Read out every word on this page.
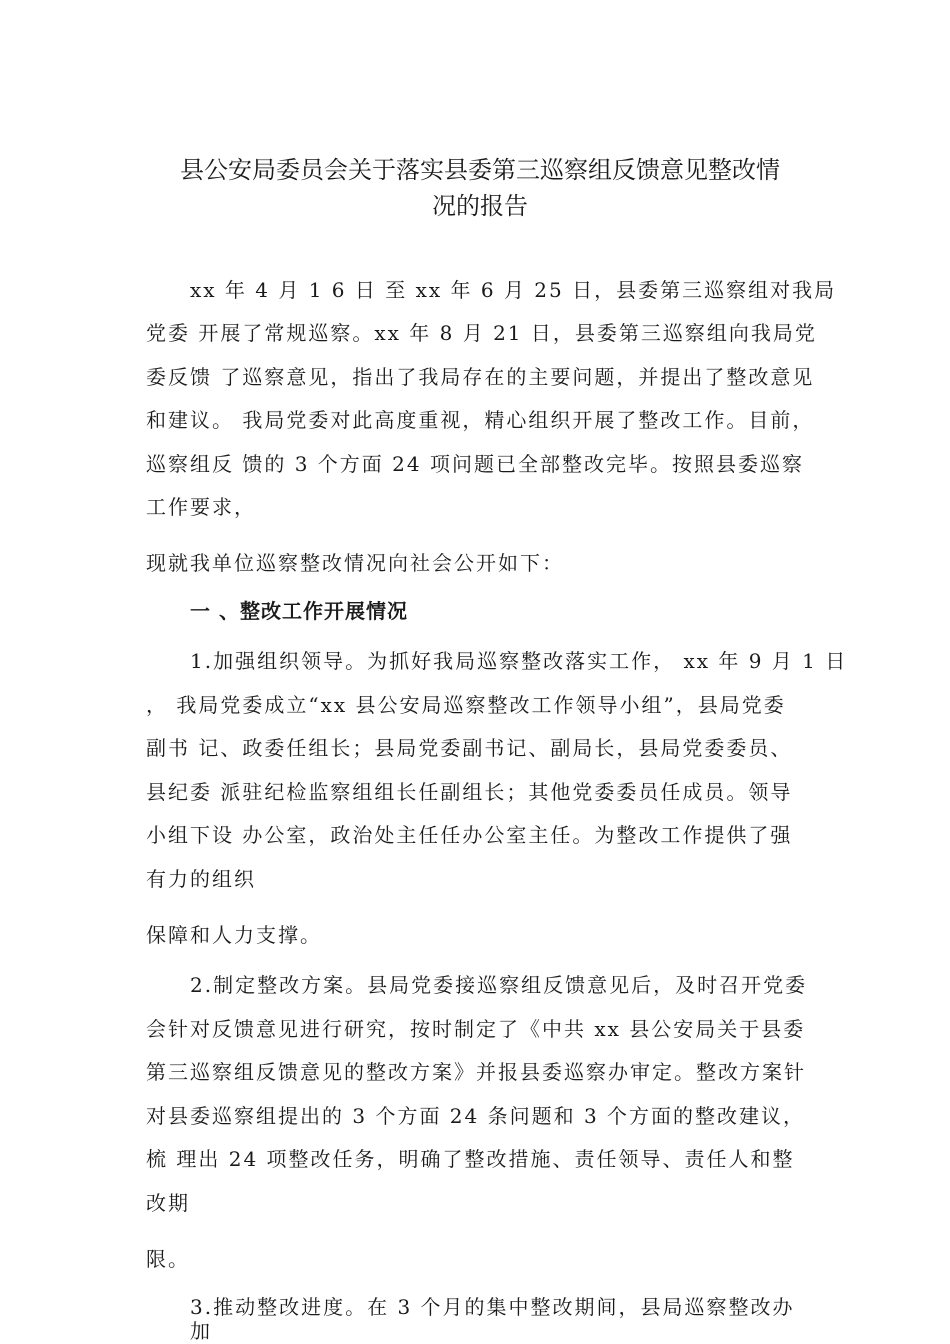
县公安局委员会关于落实县委第三巡察组反馈意见整改情
况的报告

xx 年 4 月 1 6 日 至 xx 年 6 月 25 日，县委第三巡察组对我局

党委 开展了常规巡察。xx 年 8 月 21 日，县委第三巡察组向我局党

委反馈 了巡察意见，指出了我局存在的主要问题，并提出了整改意见

和建议。 我局党委对此高度重视，精心组织开展了整改工作。目前，

巡察组反 馈的 3 个方面 24 项问题已全部整改完毕。按照县委巡察

工作要求，

现就我单位巡察整改情况向社会公开如下：

一 、整改工作开展情况

1.加强组织领导。为抓好我局巡察整改落实工作， xx 年 9 月 1 日

， 我局党委成立“xx 县公安局巡察整改工作领导小组”，县局党委

副书 记、政委任组长；县局党委副书记、副局长，县局党委委员、

县纪委 派驻纪检监察组组长任副组长；其他党委委员任成员。领导

小组下设 办公室，政治处主任任办公室主任。为整改工作提供了强

有力的组织

保障和人力支撑。

2.制定整改方案。县局党委接巡察组反馈意见后，及时召开党委

会针对反馈意见进行研究，按时制定了《中共 xx 县公安局关于县委

第三巡察组反馈意见的整改方案》并报县委巡察办审定。整改方案针

对县委巡察组提出的 3 个方面 24 条问题和 3 个方面的整改建议，

梳 理出 24 项整改任务，明确了整改措施、责任领导、责任人和整

改期

限。

3.推动整改进度。在 3 个月的集中整改期间，县局巡察整改办

加
